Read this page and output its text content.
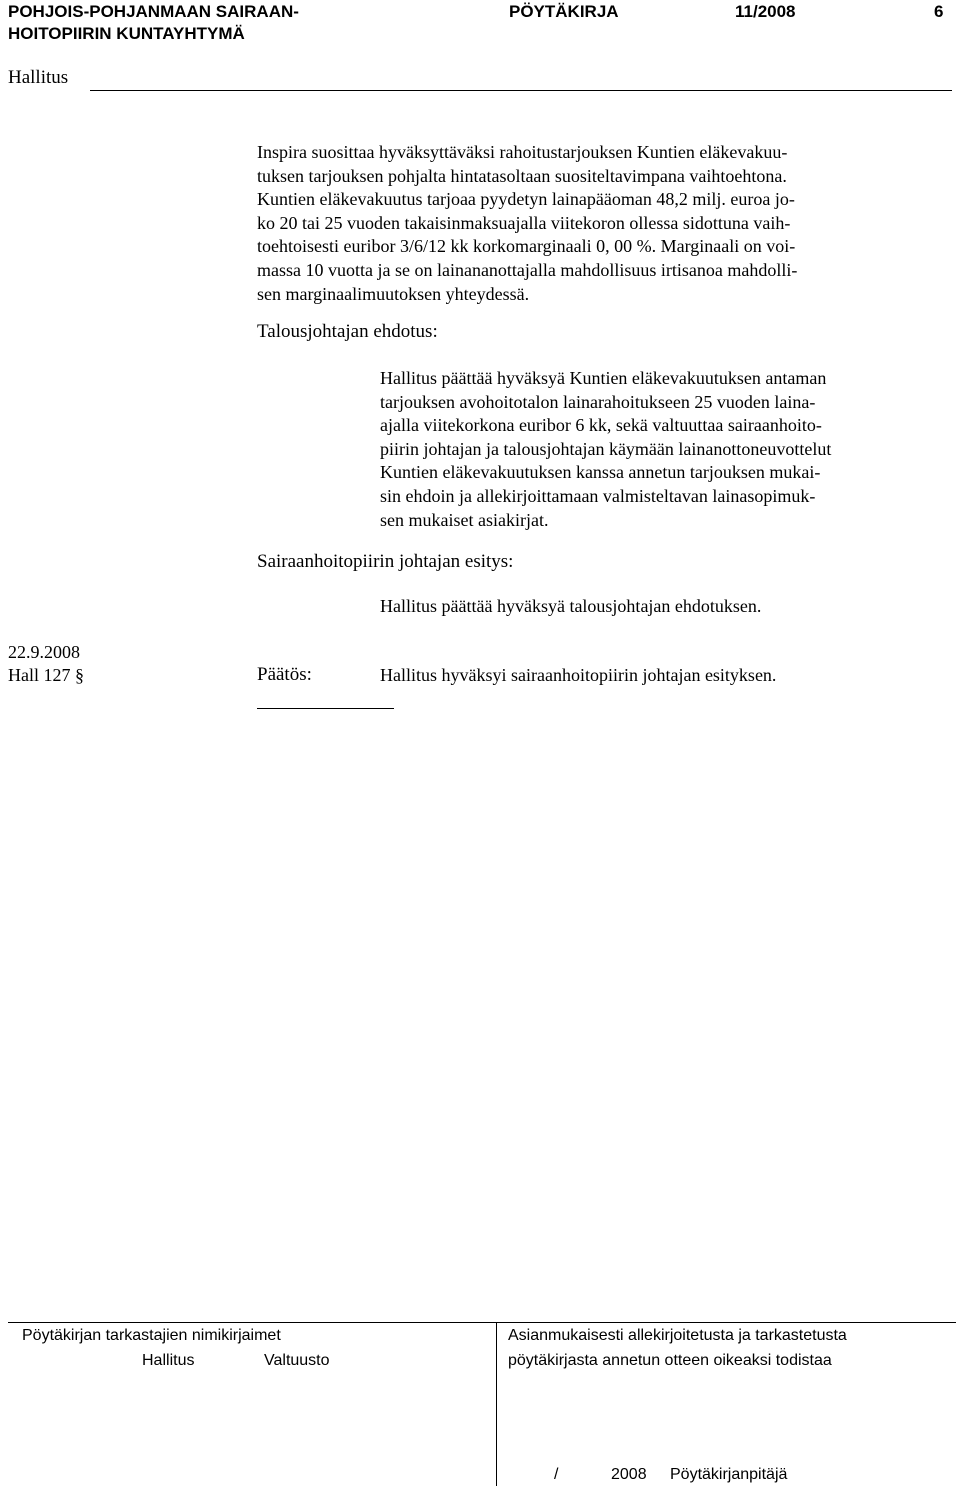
POHJOIS-POHJANMAAN SAIRAAN-
HOITOPIIRIN KUNTAYHTYMÄ
PÖYTÄKIRJA	11/2008	6
Hallitus
Inspira suosittaa hyväksyttäväksi rahoitustarjouksen Kuntien eläkevakuu-
tuksen tarjouksen pohjalta hintatasoltaan suositeltavimpana vaihtoehtona.
Kuntien eläkevakuutus tarjoaa pyydetyn lainapääoman 48,2 milj. euroa jo-
ko 20 tai 25 vuoden takaisinmaksuajalla viitekoron ollessa sidottuna vaih-
toehtoisesti euribor 3/6/12 kk korkomarginaali 0, 00 %. Marginaali on voi-
massa 10 vuotta ja se on lainananottajalla mahdollisuus irtisanoa mahdolli-
sen marginaalimuutoksen yhteydessä.
Talousjohtajan ehdotus:
Hallitus päättää hyväksyä Kuntien eläkevakuutuksen antaman
tarjouksen avohoitotalon lainarahoitukseen 25 vuoden laina-
ajalla viitekorkona euribor 6 kk, sekä valtuuttaa sairaanhoito-
piirin johtajan ja talousjohtajan käymään lainanottoneuvottelut
Kuntien eläkevakuutuksen kanssa annetun tarjouksen mukai-
sin ehdoin ja allekirjoittamaan valmisteltavan lainasopimuk-
sen mukaiset asiakirjat.
Sairaanhoitopiirin johtajan esitys:
Hallitus päättää hyväksyä talousjohtajan ehdotuksen.
22.9.2008
Hall 127 §	Päätös:	Hallitus hyväksyi sairaanhoitopiirin johtajan esityksen.
Pöytäkirjan tarkastajien nimikirjaimet
Hallitus	Valtuusto
Asianmukaisesti allekirjoitetusta ja tarkastetusta
pöytäkirjasta annetun otteen oikeaksi todistaa
/	2008 Pöytäkirjanpitäjä
